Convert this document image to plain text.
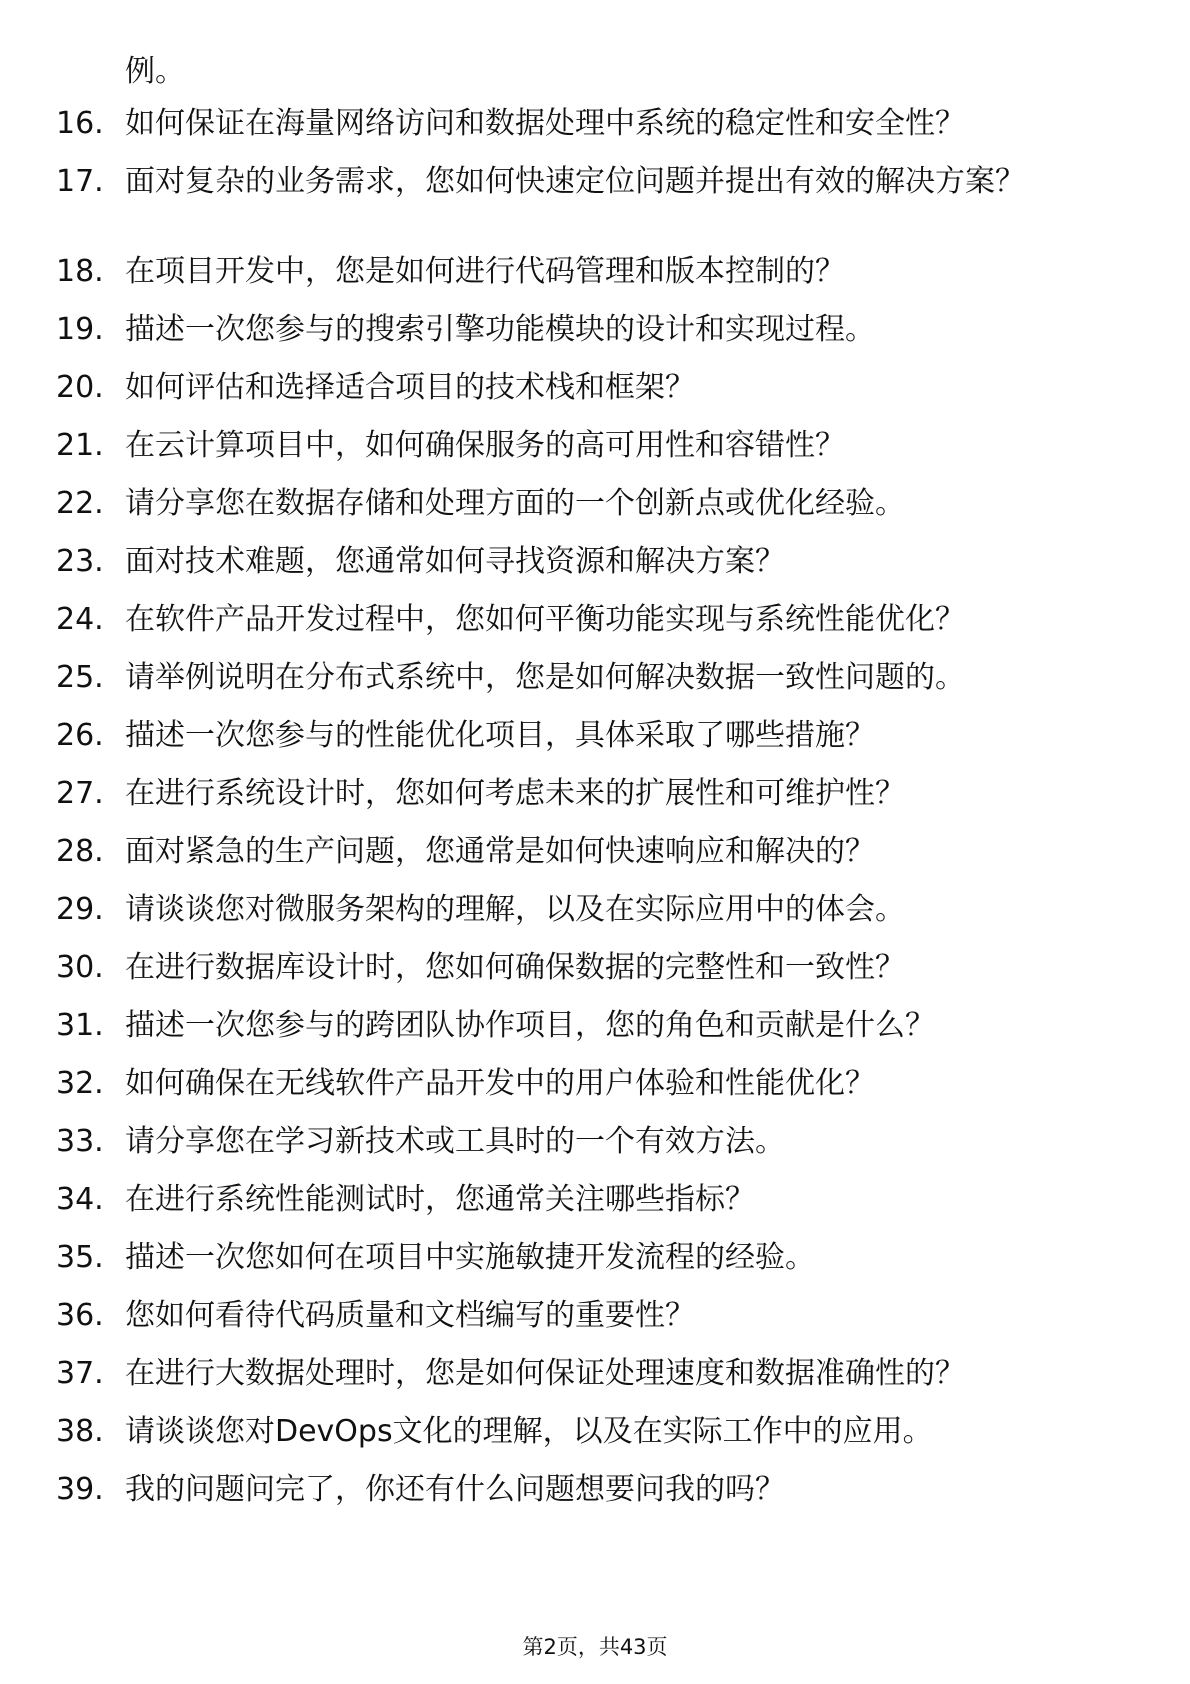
例。
16. 如何保证在海量网络访问和数据处理中系统的稳定性和安全性？
17. 面对复杂的业务需求，您如何快速定位问题并提出有效的解决方案？
18. 在项目开发中，您是如何进行代码管理和版本控制的？
19. 描述一次您参与的搜索引擎功能模块的设计和实现过程。
20. 如何评估和选择适合项目的技术栈和框架？
21. 在云计算项目中，如何确保服务的高可用性和容错性？
22. 请分享您在数据存储和处理方面的一个创新点或优化经验。
23. 面对技术难题，您通常如何寻找资源和解决方案？
24. 在软件产品开发过程中，您如何平衡功能实现与系统性能优化？
25. 请举例说明在分布式系统中，您是如何解决数据一致性问题的。
26. 描述一次您参与的性能优化项目，具体采取了哪些措施？
27. 在进行系统设计时，您如何考虑未来的扩展性和可维护性？
28. 面对紧急的生产问题，您通常是如何快速响应和解决的？
29. 请谈谈您对微服务架构的理解，以及在实际应用中的体会。
30. 在进行数据库设计时，您如何确保数据的完整性和一致性？
31. 描述一次您参与的跨团队协作项目，您的角色和贡献是什么？
32. 如何确保在无线软件产品开发中的用户体验和性能优化？
33. 请分享您在学习新技术或工具时的一个有效方法。
34. 在进行系统性能测试时，您通常关注哪些指标？
35. 描述一次您如何在项目中实施敏捷开发流程的经验。
36. 您如何看待代码质量和文档编写的重要性？
37. 在进行大数据处理时，您是如何保证处理速度和数据准确性的？
38. 请谈谈您对DevOps文化的理解，以及在实际工作中的应用。
39. 我的问题问完了，你还有什么问题想要问我的吗？
第2页，共43页
